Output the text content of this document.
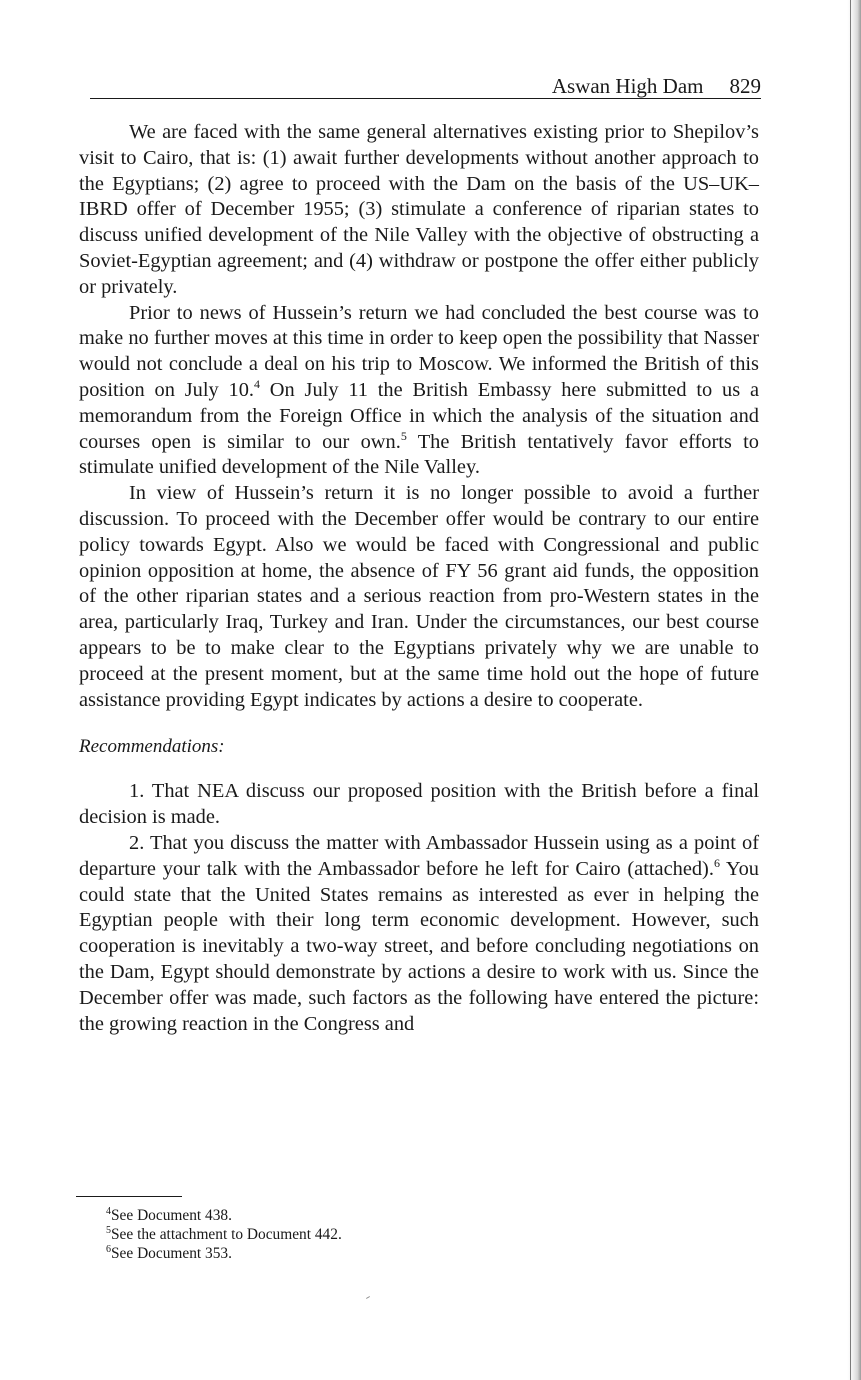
Aswan High Dam 829

We are faced with the same general alternatives existing prior to Shepilov’s visit to Cairo, that is: (1) await further developments without another approach to the Egyptians; (2) agree to proceed with the Dam on the basis of the US–UK–IBRD offer of December 1955; (3) stimulate a conference of riparian states to discuss unified development of the Nile Valley with the objective of obstructing a Soviet-Egyptian agreement; and (4) withdraw or postpone the offer either publicly or privately.

Prior to news of Hussein’s return we had concluded the best course was to make no further moves at this time in order to keep open the possibility that Nasser would not conclude a deal on his trip to Moscow. We informed the British of this position on July 10.$^4$ On July 11 the British Embassy here submitted to us a memorandum from the Foreign Office in which the analysis of the situation and courses open is similar to our own.$^5$ The British tentatively favor efforts to stimulate unified development of the Nile Valley.

In view of Hussein’s return it is no longer possible to avoid a further discussion. To proceed with the December offer would be contrary to our entire policy towards Egypt. Also we would be faced with Congressional and public opinion opposition at home, the absence of FY 56 grant aid funds, the opposition of the other riparian states and a serious reaction from pro-Western states in the area, particularly Iraq, Turkey and Iran. Under the circumstances, our best course appears to be to make clear to the Egyptians privately why we are unable to proceed at the present moment, but at the same time hold out the hope of future assistance providing Egypt indicates by actions a desire to cooperate.

Recommendations:

1. That NEA discuss our proposed position with the British before a final decision is made.

2. That you discuss the matter with Ambassador Hussein using as a point of departure your talk with the Ambassador before he left for Cairo (attached).$^6$ You could state that the United States remains as interested as ever in helping the Egyptian people with their long term economic development. However, such cooperation is inevitably a two-way street, and before concluding negotiations on the Dam, Egypt should demonstrate by actions a desire to work with us. Since the December offer was made, such factors as the following have entered the picture: the growing reaction in the Congress and

$^4$See Document 438.
$^5$See the attachment to Document 442.
$^6$See Document 353.
